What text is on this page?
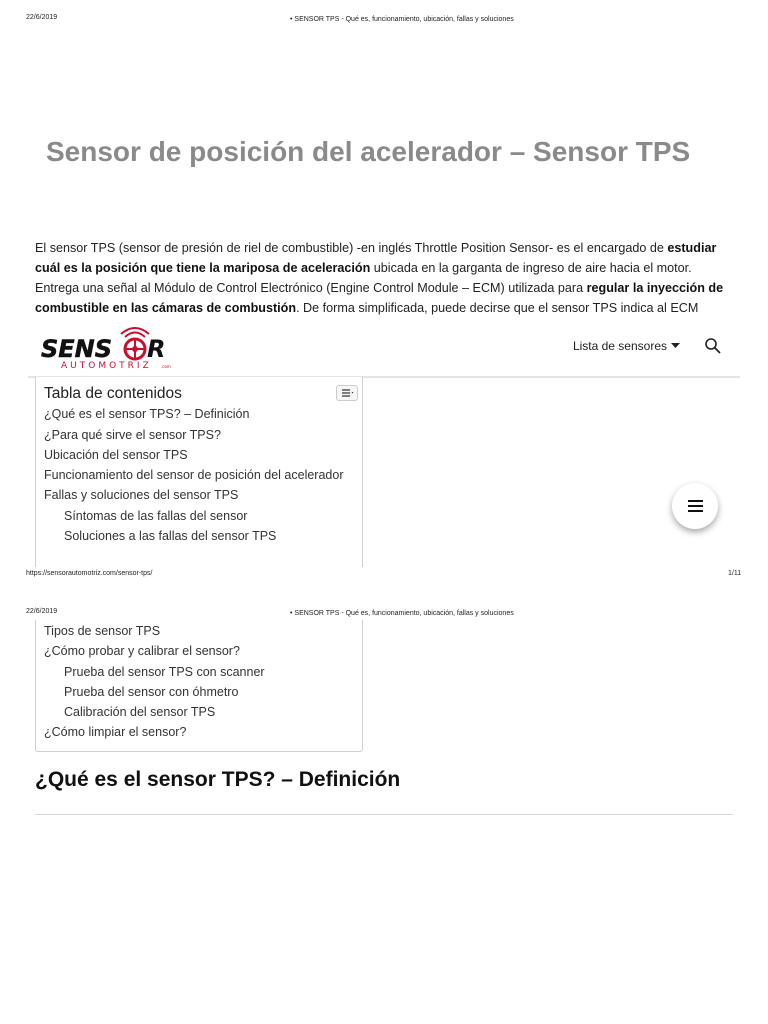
22/6/2019	• SENSOR TPS - Qué es, funcionamiento, ubicación, fallas y soluciones
Sensor de posición del acelerador – Sensor TPS
El sensor TPS (sensor de presión de riel de combustible) -en inglés Throttle Position Sensor- es el encargado de estudiar cuál es la posición que tiene la mariposa de aceleración ubicada en la garganta de ingreso de aire hacia el motor. Entrega una señal al Módulo de Control Electrónico (Engine Control Module – ECM) utilizada para regular la inyección de combustible en las cámaras de combustión. De forma simplificada, puede decirse que el sensor TPS indica al ECM
SENS R
AUTOMOTRIZ .com
Lista de sensores
Tabla de contenidos
¿Qué es el sensor TPS? – Definición
¿Para qué sirve el sensor TPS?
Ubicación del sensor TPS
Funcionamiento del sensor de posición del acelerador
Fallas y soluciones del sensor TPS
Síntomas de las fallas del sensor
Soluciones a las fallas del sensor TPS
https://sensorautomotriz.com/sensor-tps/	1/11
22/6/2019	• SENSOR TPS - Qué es, funcionamiento, ubicación, fallas y soluciones
Tipos de sensor TPS
¿Cómo probar y calibrar el sensor?
Prueba del sensor TPS con scanner
Prueba del sensor con óhmetro
Calibración del sensor TPS
¿Cómo limpiar el sensor?
¿Qué es el sensor TPS? – Definición
